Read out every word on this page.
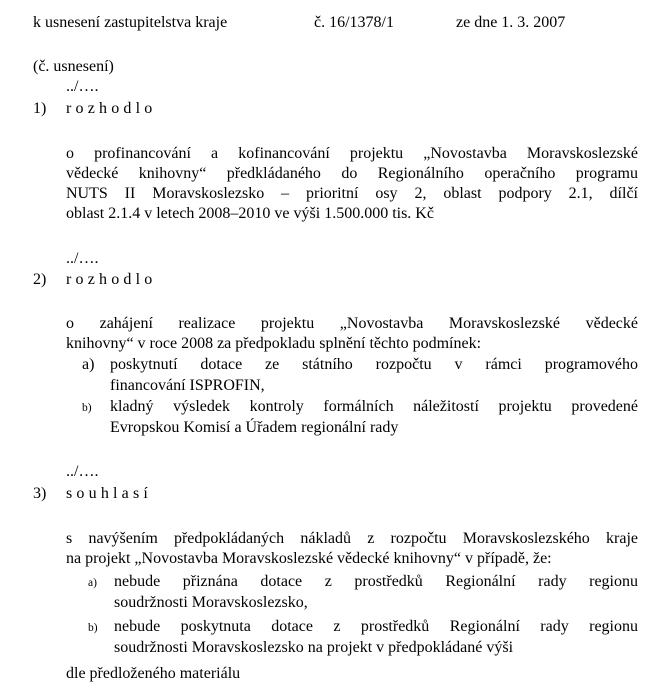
k usnesení zastupitelstva kraje	č. 16/1378/1	ze dne 1. 3. 2007
(č. usnesení)
../….
1) rozhodlo
o profinancování a kofinancování projektu „Novostavba Moravskoslezské
vědecké knihovny“ předkládaného do Regionálního operačního programu
NUTS II Moravskoslezsko – prioritní osy 2, oblast podpory 2.1, dílčí
oblast 2.1.4 v letech 2008–2010 ve výši 1.500.000 tis. Kč
../….
2) rozhodlo
o zahájení realizace projektu „Novostavba Moravskoslezské vědecké
knihovny“ v roce 2008 za předpokladu splnění těchto podmínek:
a) poskytnutí dotace ze státního rozpočtu v rámci programového
financování ISPROFIN,
b) kladný výsledek kontroly formálních náležitostí projektu provedené
Evropskou Komisí a Úřadem regionální rady
../….
3) souhlasí
s navýšením předpokládaných nákladů z rozpočtu Moravskoslezského kraje
na projekt „Novostavba Moravskoslezské vědecké knihovny“ v případě, že:
a) nebude přiznána dotace z prostředků Regionální rady regionu
soudržnosti Moravskoslezsko,
b) nebude poskytnuta dotace z prostředků Regionální rady regionu
soudržnosti Moravskoslezsko na projekt v předpokládané výši
dle předloženého materiálu
